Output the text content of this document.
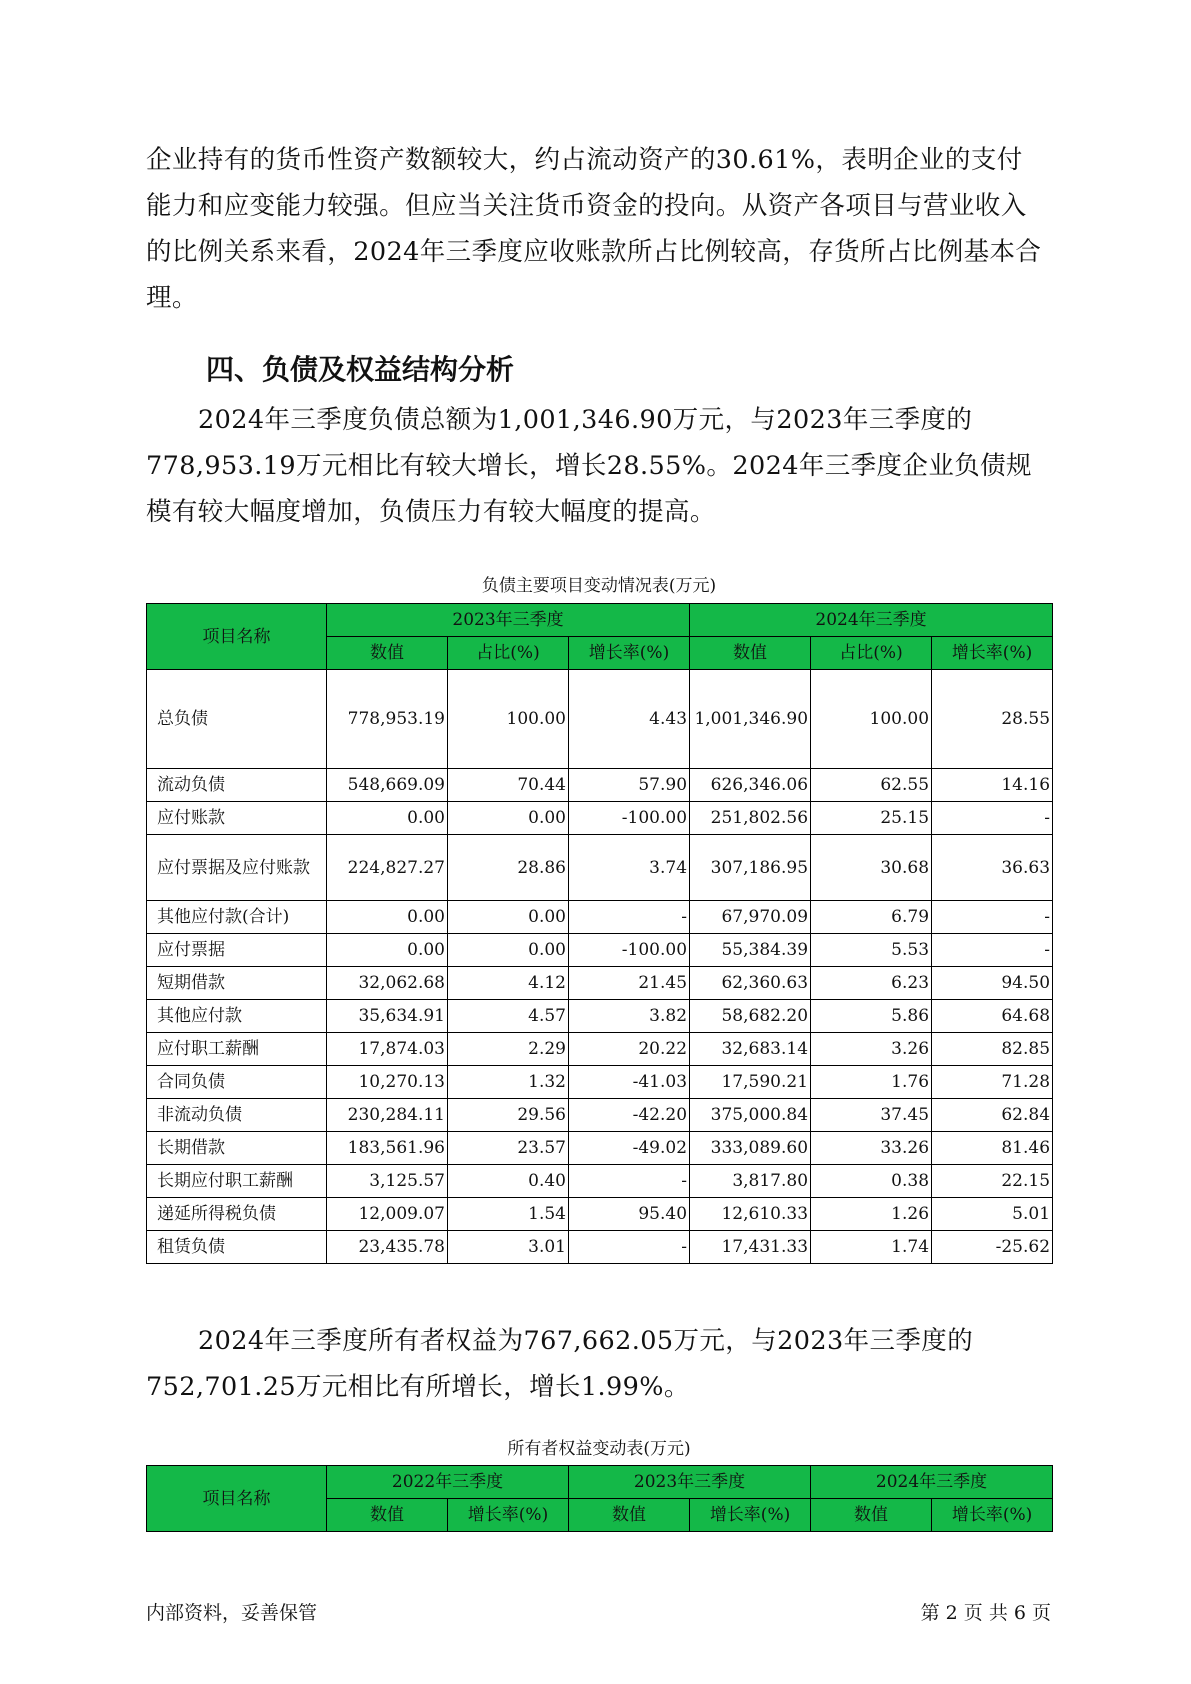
企业持有的货币性资产数额较大，约占流动资产的30.61%，表明企业的支付能力和应变能力较强。但应当关注货币资金的投向。从资产各项目与营业收入的比例关系来看，2024年三季度应收账款所占比例较高，存货所占比例基本合理。

四、负债及权益结构分析

2024年三季度负债总额为1,001,346.90万元，与2023年三季度的778,953.19万元相比有较大增长，增长28.55%。2024年三季度企业负债规模有较大幅度增加，负债压力有较大幅度的提高。

负债主要项目变动情况表(万元)
项目名称	2023年三季度			2024年三季度		
	数值	占比(%)	增长率(%)	数值	占比(%)	增长率(%)
总负债	778,953.19	100.00	4.43	1,001,346.90	100.00	28.55
流动负债	548,669.09	70.44	57.90	626,346.06	62.55	14.16
应付账款	0.00	0.00	-100.00	251,802.56	25.15	-
应付票据及应付账款	224,827.27	28.86	3.74	307,186.95	30.68	36.63
其他应付款(合计)	0.00	0.00	-	67,970.09	6.79	-
应付票据	0.00	0.00	-100.00	55,384.39	5.53	-
短期借款	32,062.68	4.12	21.45	62,360.63	6.23	94.50
其他应付款	35,634.91	4.57	3.82	58,682.20	5.86	64.68
应付职工薪酬	17,874.03	2.29	20.22	32,683.14	3.26	82.85
合同负债	10,270.13	1.32	-41.03	17,590.21	1.76	71.28
非流动负债	230,284.11	29.56	-42.20	375,000.84	37.45	62.84
长期借款	183,561.96	23.57	-49.02	333,089.60	33.26	81.46
长期应付职工薪酬	3,125.57	0.40	-	3,817.80	0.38	22.15
递延所得税负债	12,009.07	1.54	95.40	12,610.33	1.26	5.01
租赁负债	23,435.78	3.01	-	17,431.33	1.74	-25.62

2024年三季度所有者权益为767,662.05万元，与2023年三季度的752,701.25万元相比有所增长，增长1.99%。

所有者权益变动表(万元)
项目名称	2022年三季度		2023年三季度		2024年三季度	
	数值	增长率(%)	数值	增长率(%)	数值	增长率(%)
内部资料，妥善保管	第 2 页 共 6 页
